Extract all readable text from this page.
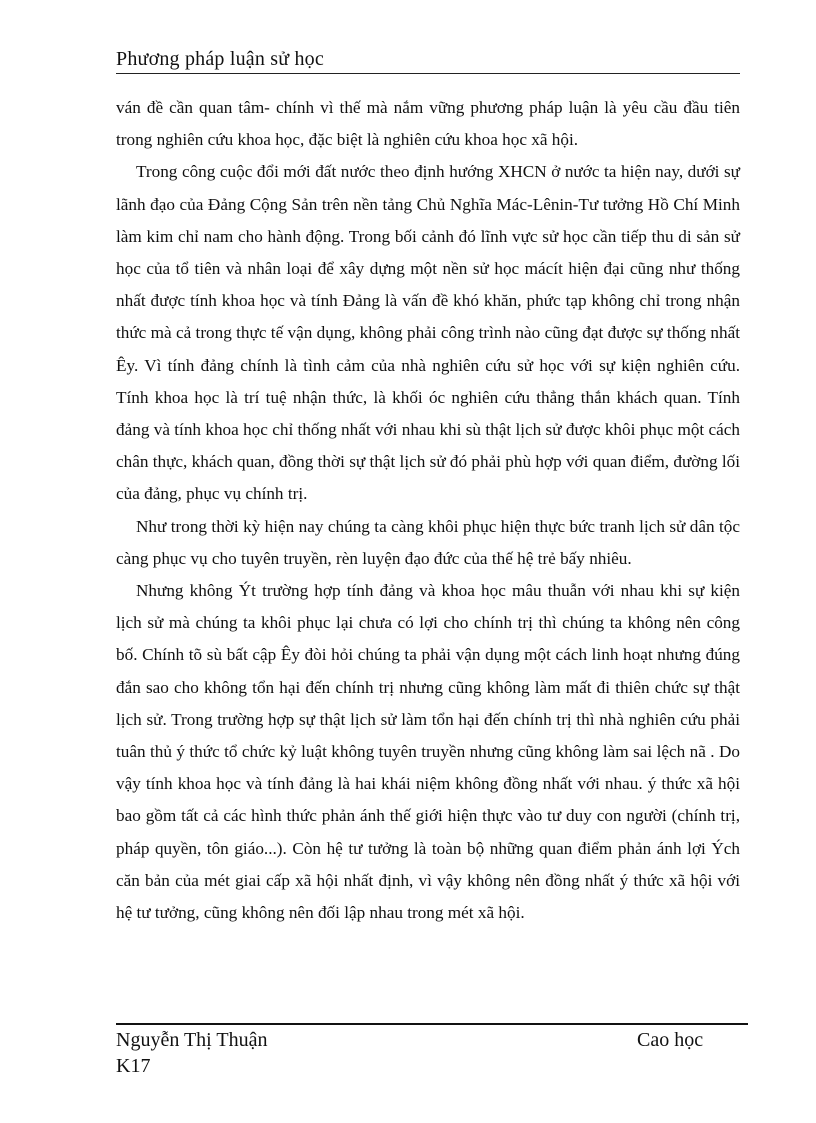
Phương pháp luận sử học

ván đề cần quan tâm- chính vì thế mà nắm vững phương pháp luận là yêu cầu đầu tiên trong nghiên cứu khoa học, đặc biệt là nghiên cứu khoa học xã hội.

Trong công cuộc đổi mới đất nước theo định hướng XHCN ở nước ta hiện nay, dưới sự lãnh đạo của Đảng Cộng Sản trên nền tảng Chủ Nghĩa Mác-Lênin-Tư tưởng Hồ Chí Minh làm kim chỉ nam cho hành động. Trong bối cảnh đó lĩnh vực sử học cần tiếp thu di sản sử học của tổ tiên và nhân loại để xây dựng một nền sử học mácít hiện đại cũng như thống nhất được tính khoa học và tính Đảng là vấn đề khó khăn, phức tạp không chỉ trong nhận thức mà cả trong thực tế vận dụng, không phải công trình nào cũng đạt được sự thống nhất Êy. Vì tính đảng chính là tình cảm của nhà nghiên cứu sử học với sự kiện nghiên cứu. Tính khoa học là trí tuệ nhận thức, là khối óc nghiên cứu thẳng thắn khách quan. Tính đảng và tính khoa học chỉ thống nhất với nhau khi sù thật lịch sử được khôi phục một cách chân thực, khách quan, đồng thời sự thật lịch sử đó phải phù hợp với quan điểm, đường lối của đảng, phục vụ chính trị.

Như trong thời kỳ hiện nay chúng ta càng khôi phục hiện thực bức tranh lịch sử dân tộc càng phục vụ cho tuyên truyền, rèn luyện đạo đức của thế hệ trẻ bấy nhiêu.

Nhưng không Ýt trường hợp tính đảng và khoa học mâu thuẫn với nhau khi sự kiện lịch sử mà chúng ta khôi phục lại chưa có lợi cho chính trị thì chúng ta không nên công bố. Chính tõ sù bất cập Êy đòi hỏi chúng ta phải vận dụng một cách linh hoạt nhưng đúng đắn sao cho không tổn hại đến chính trị nhưng cũng không làm mất đi thiên chức sự thật lịch sử. Trong trường hợp sự thật lịch sử làm tổn hại đến chính trị thì nhà nghiên cứu phải tuân thủ ý thức tổ chức kỷ luật không tuyên truyền nhưng cũng không làm sai lệch nã . Do vậy tính khoa học và tính đảng là hai khái niệm không đồng nhất với nhau. ý thức xã hội bao gồm tất cả các hình thức phản ánh thế giới hiện thực vào tư duy con người (chính trị, pháp quyền, tôn giáo...). Còn hệ tư tưởng là toàn bộ những quan điểm phản ánh lợi Ých căn bản của mét giai cấp xã hội nhất định, vì vậy không nên đồng nhất ý thức xã hội với hệ tư tưởng, cũng không nên đối lập nhau trong mét xã hội.

Nguyễn Thị Thuận	Cao học
K17
